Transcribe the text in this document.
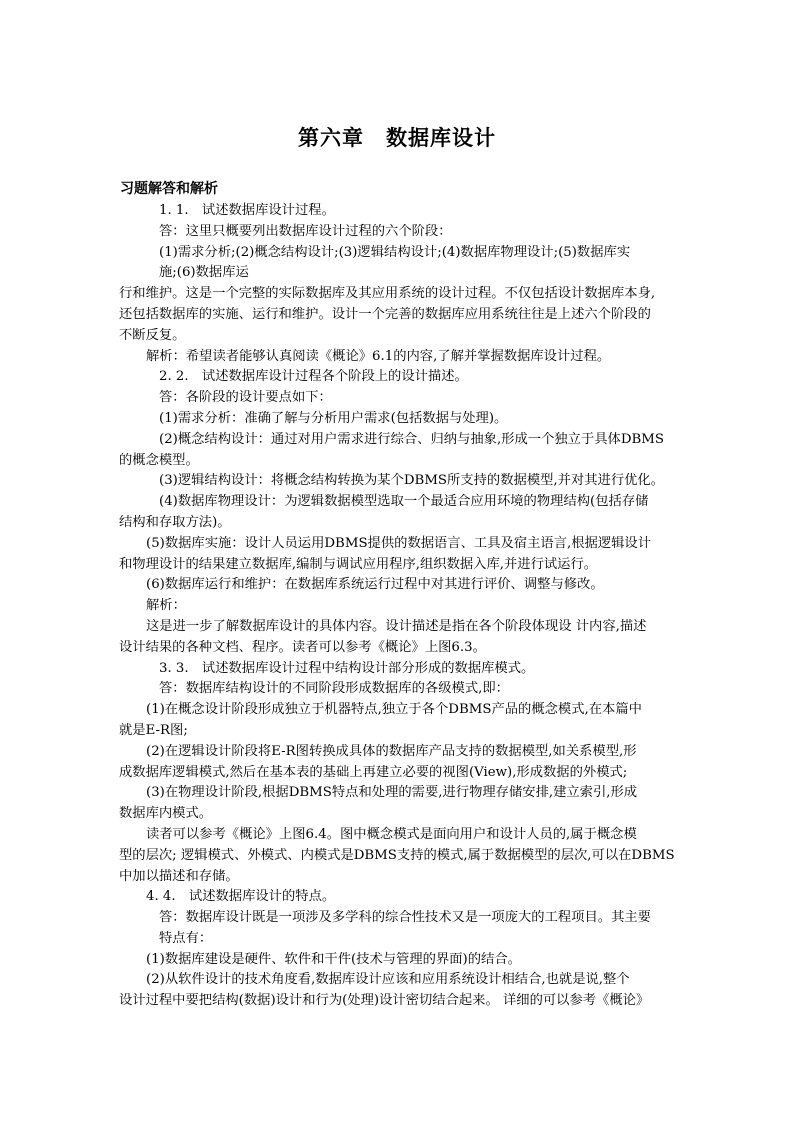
第六章　数据库设计
习题解答和解析
1. 1.　试述数据库设计过程。
答：这里只概要列出数据库设计过程的六个阶段：
(1)需求分析;(2)概念结构设计;(3)逻辑结构设计;(4)数据库物理设计;(5)数据库实
施;(6)数据库运
行和维护。这是一个完整的实际数据库及其应用系统的设计过程。不仅包括设计数据库本身,
还包括数据库的实施、运行和维护。设计一个完善的数据库应用系统往往是上述六个阶段的
不断反复。
解析：希望读者能够认真阅读《概论》6.1的内容,了解并掌握数据库设计过程。
2. 2.　试述数据库设计过程各个阶段上的设计描述。
答：各阶段的设计要点如下：
(1)需求分析：准确了解与分析用户需求(包括数据与处理)。
(2)概念结构设计：通过对用户需求进行综合、归纳与抽象,形成一个独立于具体DBMS
的概念模型。
(3)逻辑结构设计：将概念结构转换为某个DBMS所支持的数据模型,并对其进行优化。
(4)数据库物理设计：为逻辑数据模型选取一个最适合应用环境的物理结构(包括存储
结构和存取方法)。
(5)数据库实施：设计人员运用DBMS提供的数据语言、工具及宿主语言,根据逻辑设计
和物理设计的结果建立数据库,编制与调试应用程序,组织数据入库,并进行试运行。
(6)数据库运行和维护：在数据库系统运行过程中对其进行评价、调整与修改。
解析：
这是进一步了解数据库设计的具体内容。设计描述是指在各个阶段体现设 计内容,描述
设计结果的各种文档、程序。读者可以参考《概论》上图6.3。
3. 3.　试述数据库设计过程中结构设计部分形成的数据库模式。
答：数据库结构设计的不同阶段形成数据库的各级模式,即：
(1)在概念设计阶段形成独立于机器特点,独立于各个DBMS产品的概念模式,在本篇中
就是E-R图;
(2)在逻辑设计阶段将E-R图转换成具体的数据库产品支持的数据模型,如关系模型,形
成数据库逻辑模式,然后在基本表的基础上再建立必要的视图(View),形成数据的外模式;
(3)在物理设计阶段,根据DBMS特点和处理的需要,进行物理存储安排,建立索引,形成
数据库内模式。
读者可以参考《概论》上图6.4。图中概念模式是面向用户和设计人员的,属于概念模
型的层次; 逻辑模式、外模式、内模式是DBMS支持的模式,属于数据模型的层次,可以在DBMS
中加以描述和存储。
4. 4.　试述数据库设计的特点。
答：数据库设计既是一项涉及多学科的综合性技术又是一项庞大的工程项目。其主要
特点有：
(1)数据库建设是硬件、软件和干件(技术与管理的界面)的结合。
(2)从软件设计的技术角度看,数据库设计应该和应用系统设计相结合,也就是说,整个
设计过程中要把结构(数据)设计和行为(处理)设计密切结合起来。 详细的可以参考《概论》
